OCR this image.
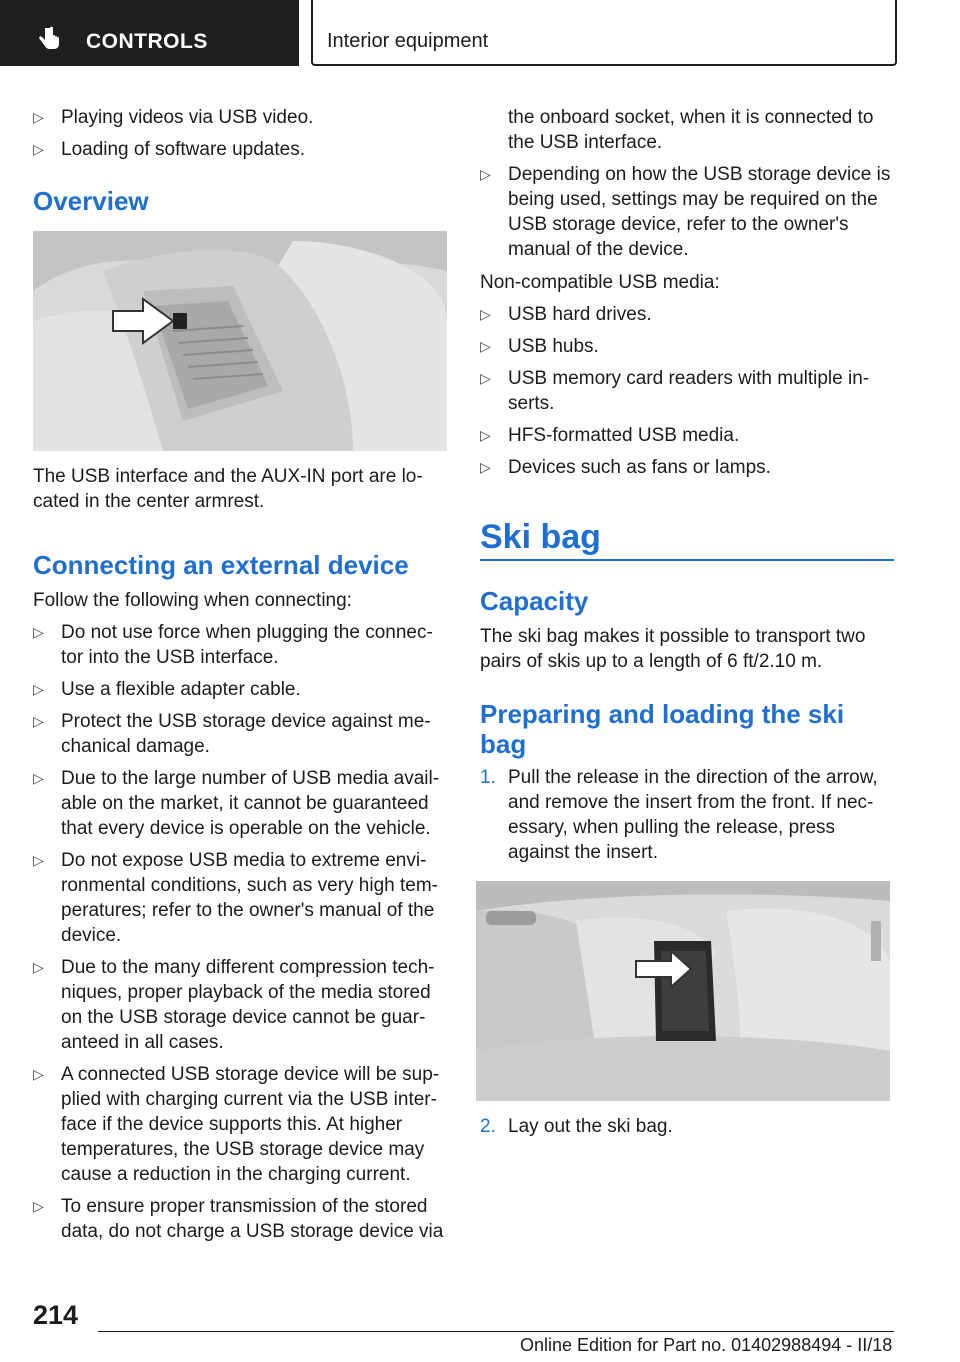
CONTROLS	Interior equipment
▷ Playing videos via USB video.
▷ Loading of software updates.
Overview
The USB interface and the AUX-IN port are lo-cated in the center armrest.
Connecting an external device
Follow the following when connecting:
▷ Do not use force when plugging the connec-tor into the USB interface.
▷ Use a flexible adapter cable.
▷ Protect the USB storage device against me-chanical damage.
▷ Due to the large number of USB media avail-able on the market, it cannot be guaranteed that every device is operable on the vehicle.
▷ Do not expose USB media to extreme envi-ronmental conditions, such as very high tem-peratures; refer to the owner's manual of the device.
▷ Due to the many different compression tech-niques, proper playback of the media stored on the USB storage device cannot be guar-anteed in all cases.
▷ A connected USB storage device will be sup-plied with charging current via the USB inter-face if the device supports this. At higher temperatures, the USB storage device may cause a reduction in the charging current.
▷ To ensure proper transmission of the stored data, do not charge a USB storage device via
the onboard socket, when it is connected to the USB interface.
▷ Depending on how the USB storage device is being used, settings may be required on the USB storage device, refer to the owner's manual of the device.
Non-compatible USB media:
▷ USB hard drives.
▷ USB hubs.
▷ USB memory card readers with multiple in-serts.
▷ HFS-formatted USB media.
▷ Devices such as fans or lamps.
Ski bag
Capacity
The ski bag makes it possible to transport two pairs of skis up to a length of 6 ft/2.10 m.
Preparing and loading the ski bag
1. Pull the release in the direction of the arrow, and remove the insert from the front. If nec-essary, when pulling the release, press against the insert.
2. Lay out the ski bag.
214
Online Edition for Part no. 01402988494 - II/18
